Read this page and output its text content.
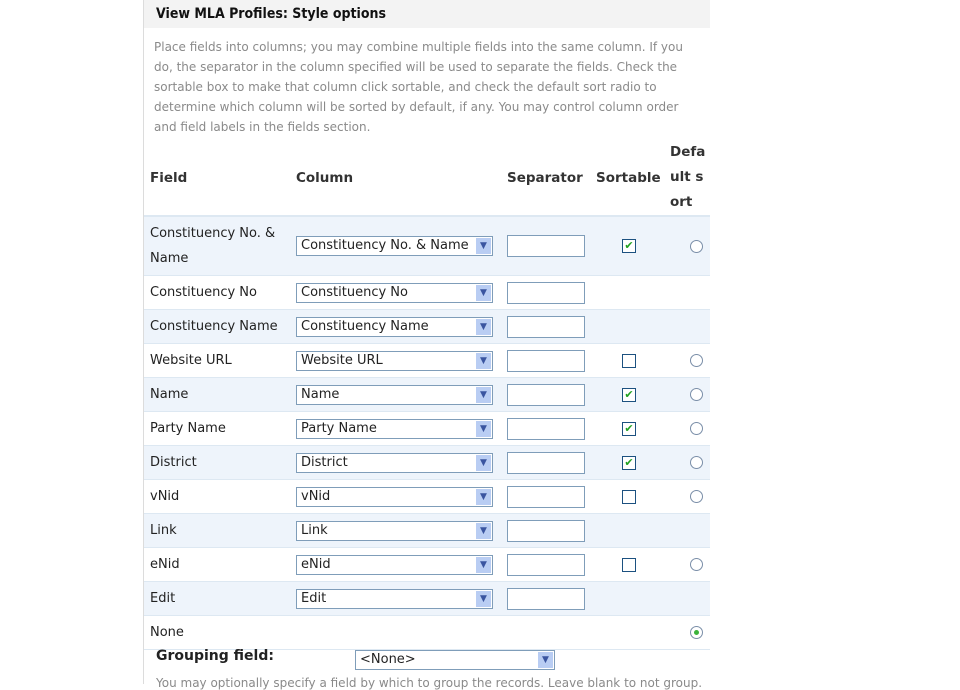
View MLA Profiles: Style options
Place fields into columns; you may combine multiple fields into the same column. If you do, the separator in the column specified will be used to separate the fields. Check the sortable box to make that column click sortable, and check the default sort radio to determine which column will be sorted by default, if any. You may control column order and field labels in the fields section.
Field	Column	Separator	Sortable	Default sort
Constituency No. & Name	Constituency No. & Name ▼		✔	

Constituency No	Constituency No ▼			

Constituency Name	Constituency Name ▼			

Website URL	Website URL ▼			

Name	Name ▼		✔	

Party Name	Party Name ▼		✔	

District	District ▼		✔	

vNid	vNid ▼			

Link	Link ▼			

eNid	eNid ▼			

Edit	Edit ▼			

None				
Grouping field:	<None>	▼
You may optionally specify a field by which to group the records. Leave blank to not group.
